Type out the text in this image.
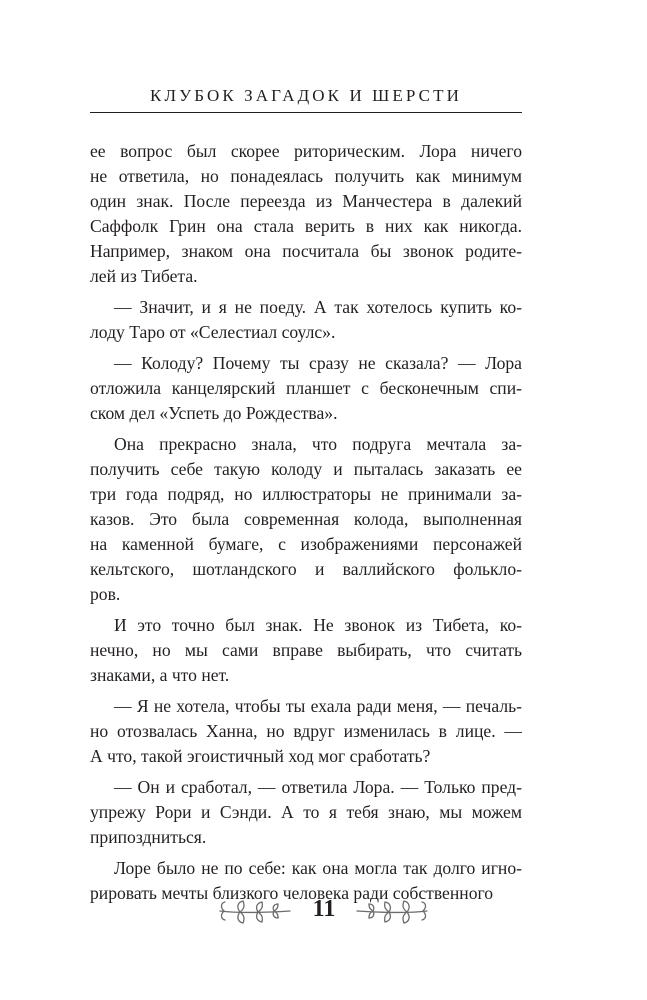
КЛУБОК ЗАГАДОК И ШЕРСТИ

ее вопрос был скорее риторическим. Лора ничего
не ответила, но понадеялась получить как минимум
один знак. После переезда из Манчестера в далекий
Саффолк Грин она стала верить в них как никогда.
Например, знаком она посчитала бы звонок родите-
лей из Тибета.

— Значит, и я не поеду. А так хотелось купить ко-
лоду Таро от «Селестиал соулс».

— Колоду? Почему ты сразу не сказала? — Лора
отложила канцелярский планшет с бесконечным спи-
ском дел «Успеть до Рождества».

Она прекрасно знала, что подруга мечтала за-
получить себе такую колоду и пыталась заказать ее
три года подряд, но иллюстраторы не принимали за-
казов. Это была современная колода, выполненная
на каменной бумаге, с изображениями персонажей
кельтского, шотландского и валлийского фолькло-
ров.

И это точно был знак. Не звонок из Тибета, ко-
нечно, но мы сами вправе выбирать, что считать
знаками, а что нет.

— Я не хотела, чтобы ты ехала ради меня, — печаль-
но отозвалась Ханна, но вдруг изменилась в лице. —
А что, такой эгоистичный ход мог сработать?

— Он и сработал, — ответила Лора. — Только пред-
упрежу Рори и Сэнди. А то я тебя знаю, мы можем
припоздниться.

Лоре было не по себе: как она могла так долго игно-
рировать мечты близкого человека ради собственного

11
